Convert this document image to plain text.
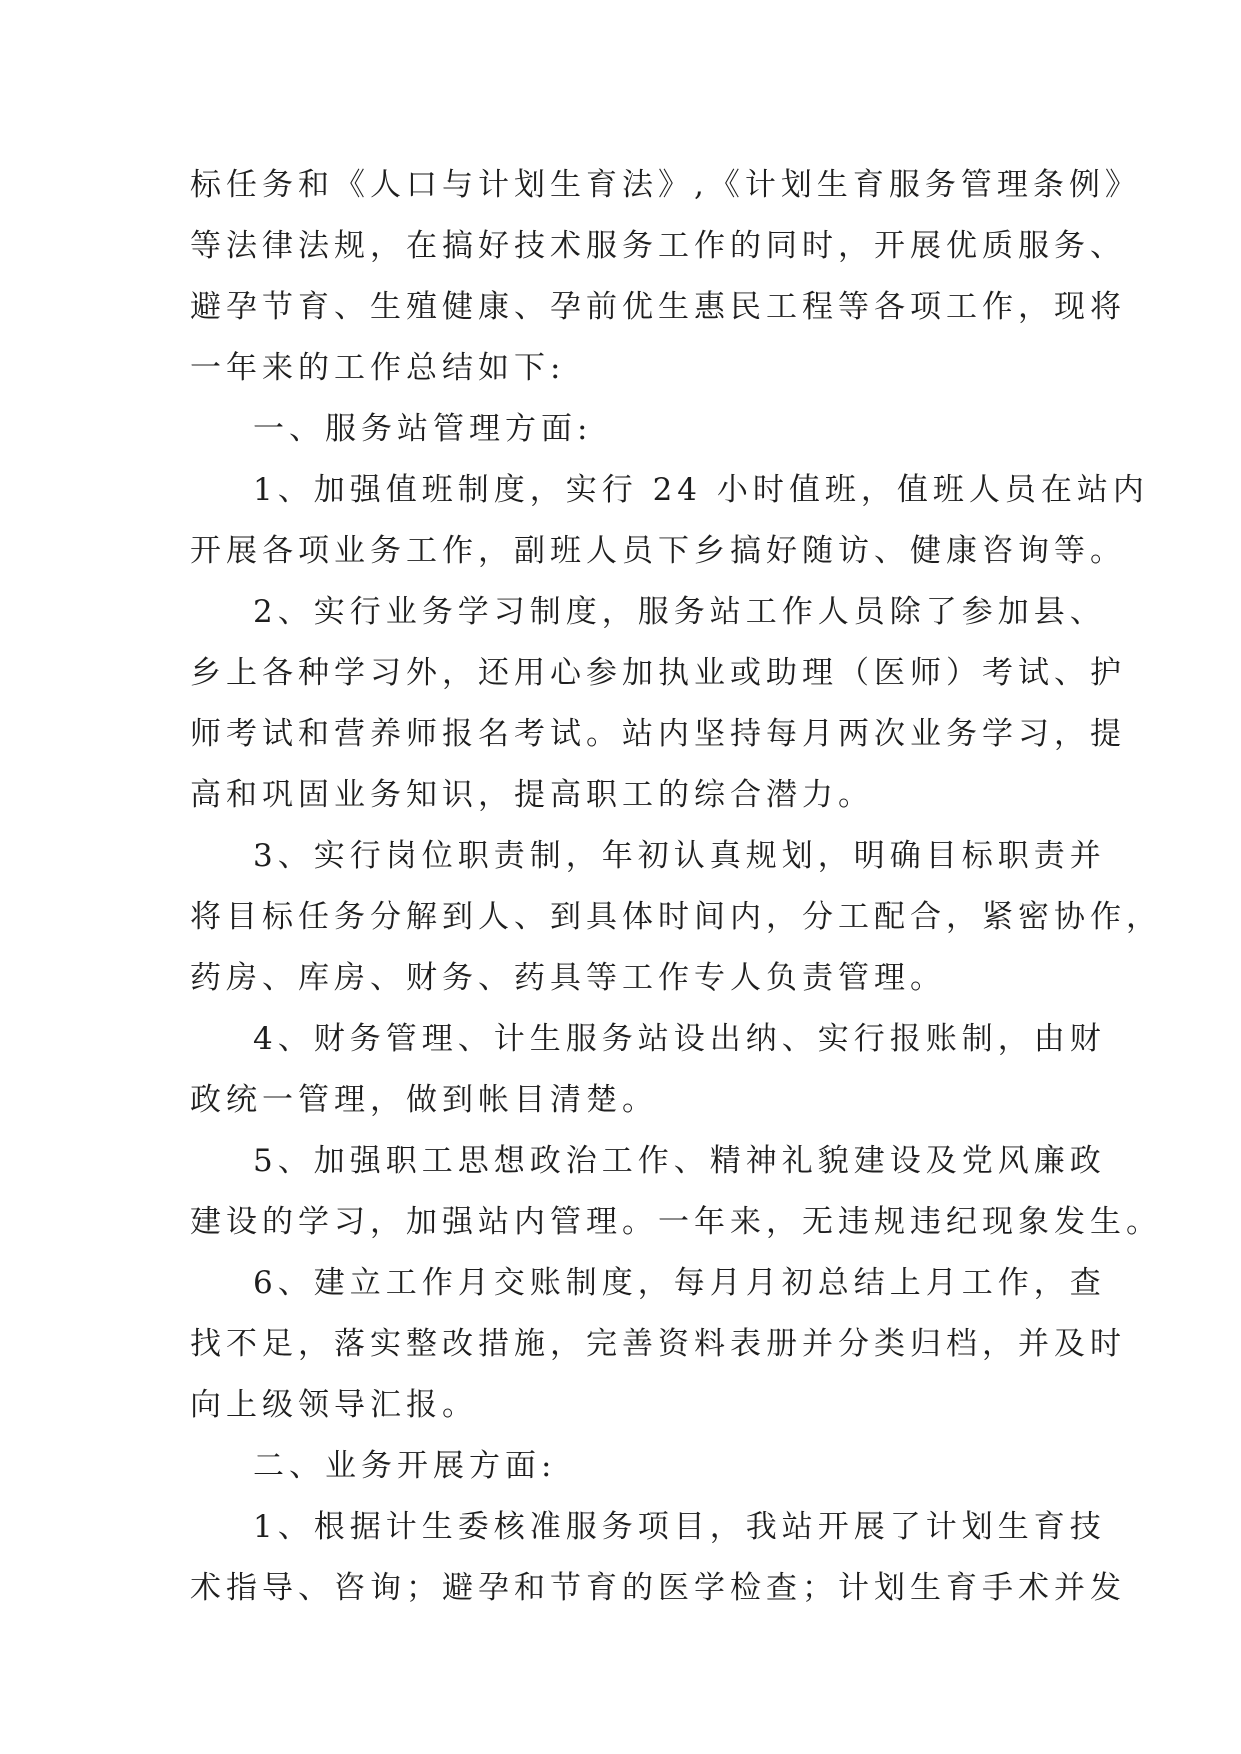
标任务和《人口与计划生育法》,《计划生育服务管理条例》
等法律法规，在搞好技术服务工作的同时，开展优质服务、
避孕节育、生殖健康、孕前优生惠民工程等各项工作，现将
一年来的工作总结如下:
一、服务站管理方面:
1、加强值班制度，实行 24 小时值班，值班人员在站内
开展各项业务工作，副班人员下乡搞好随访、健康咨询等。
2、实行业务学习制度，服务站工作人员除了参加县、
乡上各种学习外，还用心参加执业或助理（医师）考试、护
师考试和营养师报名考试。站内坚持每月两次业务学习，提
高和巩固业务知识，提高职工的综合潜力。
3、实行岗位职责制，年初认真规划，明确目标职责并
将目标任务分解到人、到具体时间内，分工配合，紧密协作，
药房、库房、财务、药具等工作专人负责管理。
4、财务管理、计生服务站设出纳、实行报账制，由财
政统一管理，做到帐目清楚。
5、加强职工思想政治工作、精神礼貌建设及党风廉政
建设的学习，加强站内管理。一年来，无违规违纪现象发生。
6、建立工作月交账制度，每月月初总结上月工作，查
找不足，落实整改措施，完善资料表册并分类归档，并及时
向上级领导汇报。
二、业务开展方面:
1、根据计生委核准服务项目，我站开展了计划生育技
术指导、咨询；避孕和节育的医学检查；计划生育手术并发
